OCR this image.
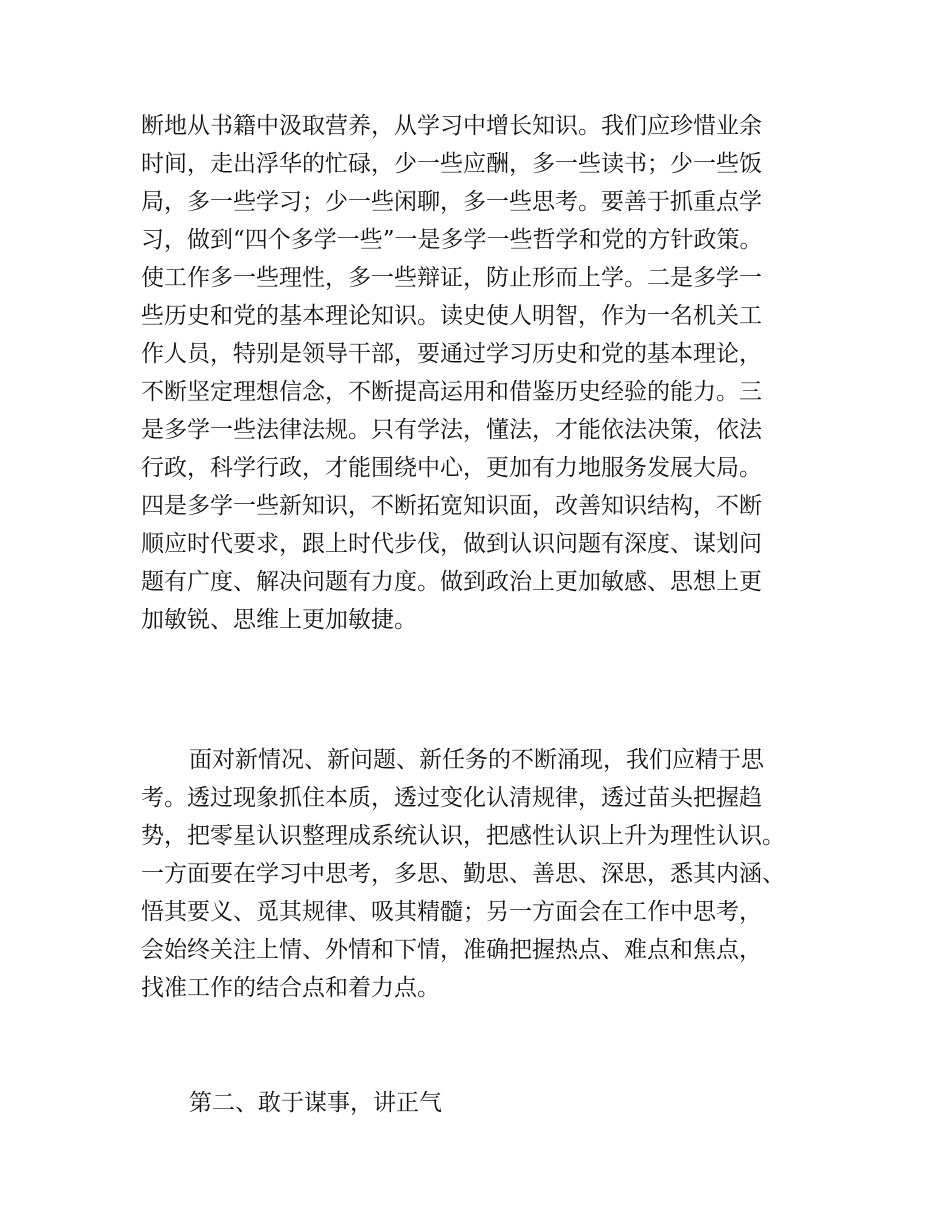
断地从书籍中汲取营养，从学习中增长知识。我们应珍惜业余
时间，走出浮华的忙碌，少一些应酬，多一些读书；少一些饭
局，多一些学习；少一些闲聊，多一些思考。要善于抓重点学
习，做到“四个多学一些”一是多学一些哲学和党的方针政策。
使工作多一些理性，多一些辩证，防止形而上学。二是多学一
些历史和党的基本理论知识。读史使人明智，作为一名机关工
作人员，特别是领导干部，要通过学习历史和党的基本理论，
不断坚定理想信念，不断提高运用和借鉴历史经验的能力。三
是多学一些法律法规。只有学法，懂法，才能依法决策，依法
行政，科学行政，才能围绕中心，更加有力地服务发展大局。
四是多学一些新知识，不断拓宽知识面，改善知识结构，不断
顺应时代要求，跟上时代步伐，做到认识问题有深度、谋划问
题有广度、解决问题有力度。做到政治上更加敏感、思想上更
加敏锐、思维上更加敏捷。
面对新情况、新问题、新任务的不断涌现，我们应精于思
考。透过现象抓住本质，透过变化认清规律，透过苗头把握趋
势，把零星认识整理成系统认识，把感性认识上升为理性认识。
一方面要在学习中思考，多思、勤思、善思、深思，悉其内涵、
悟其要义、觅其规律、吸其精髓；另一方面会在工作中思考，
会始终关注上情、外情和下情，准确把握热点、难点和焦点，
找准工作的结合点和着力点。
第二、敢于谋事，讲正气
